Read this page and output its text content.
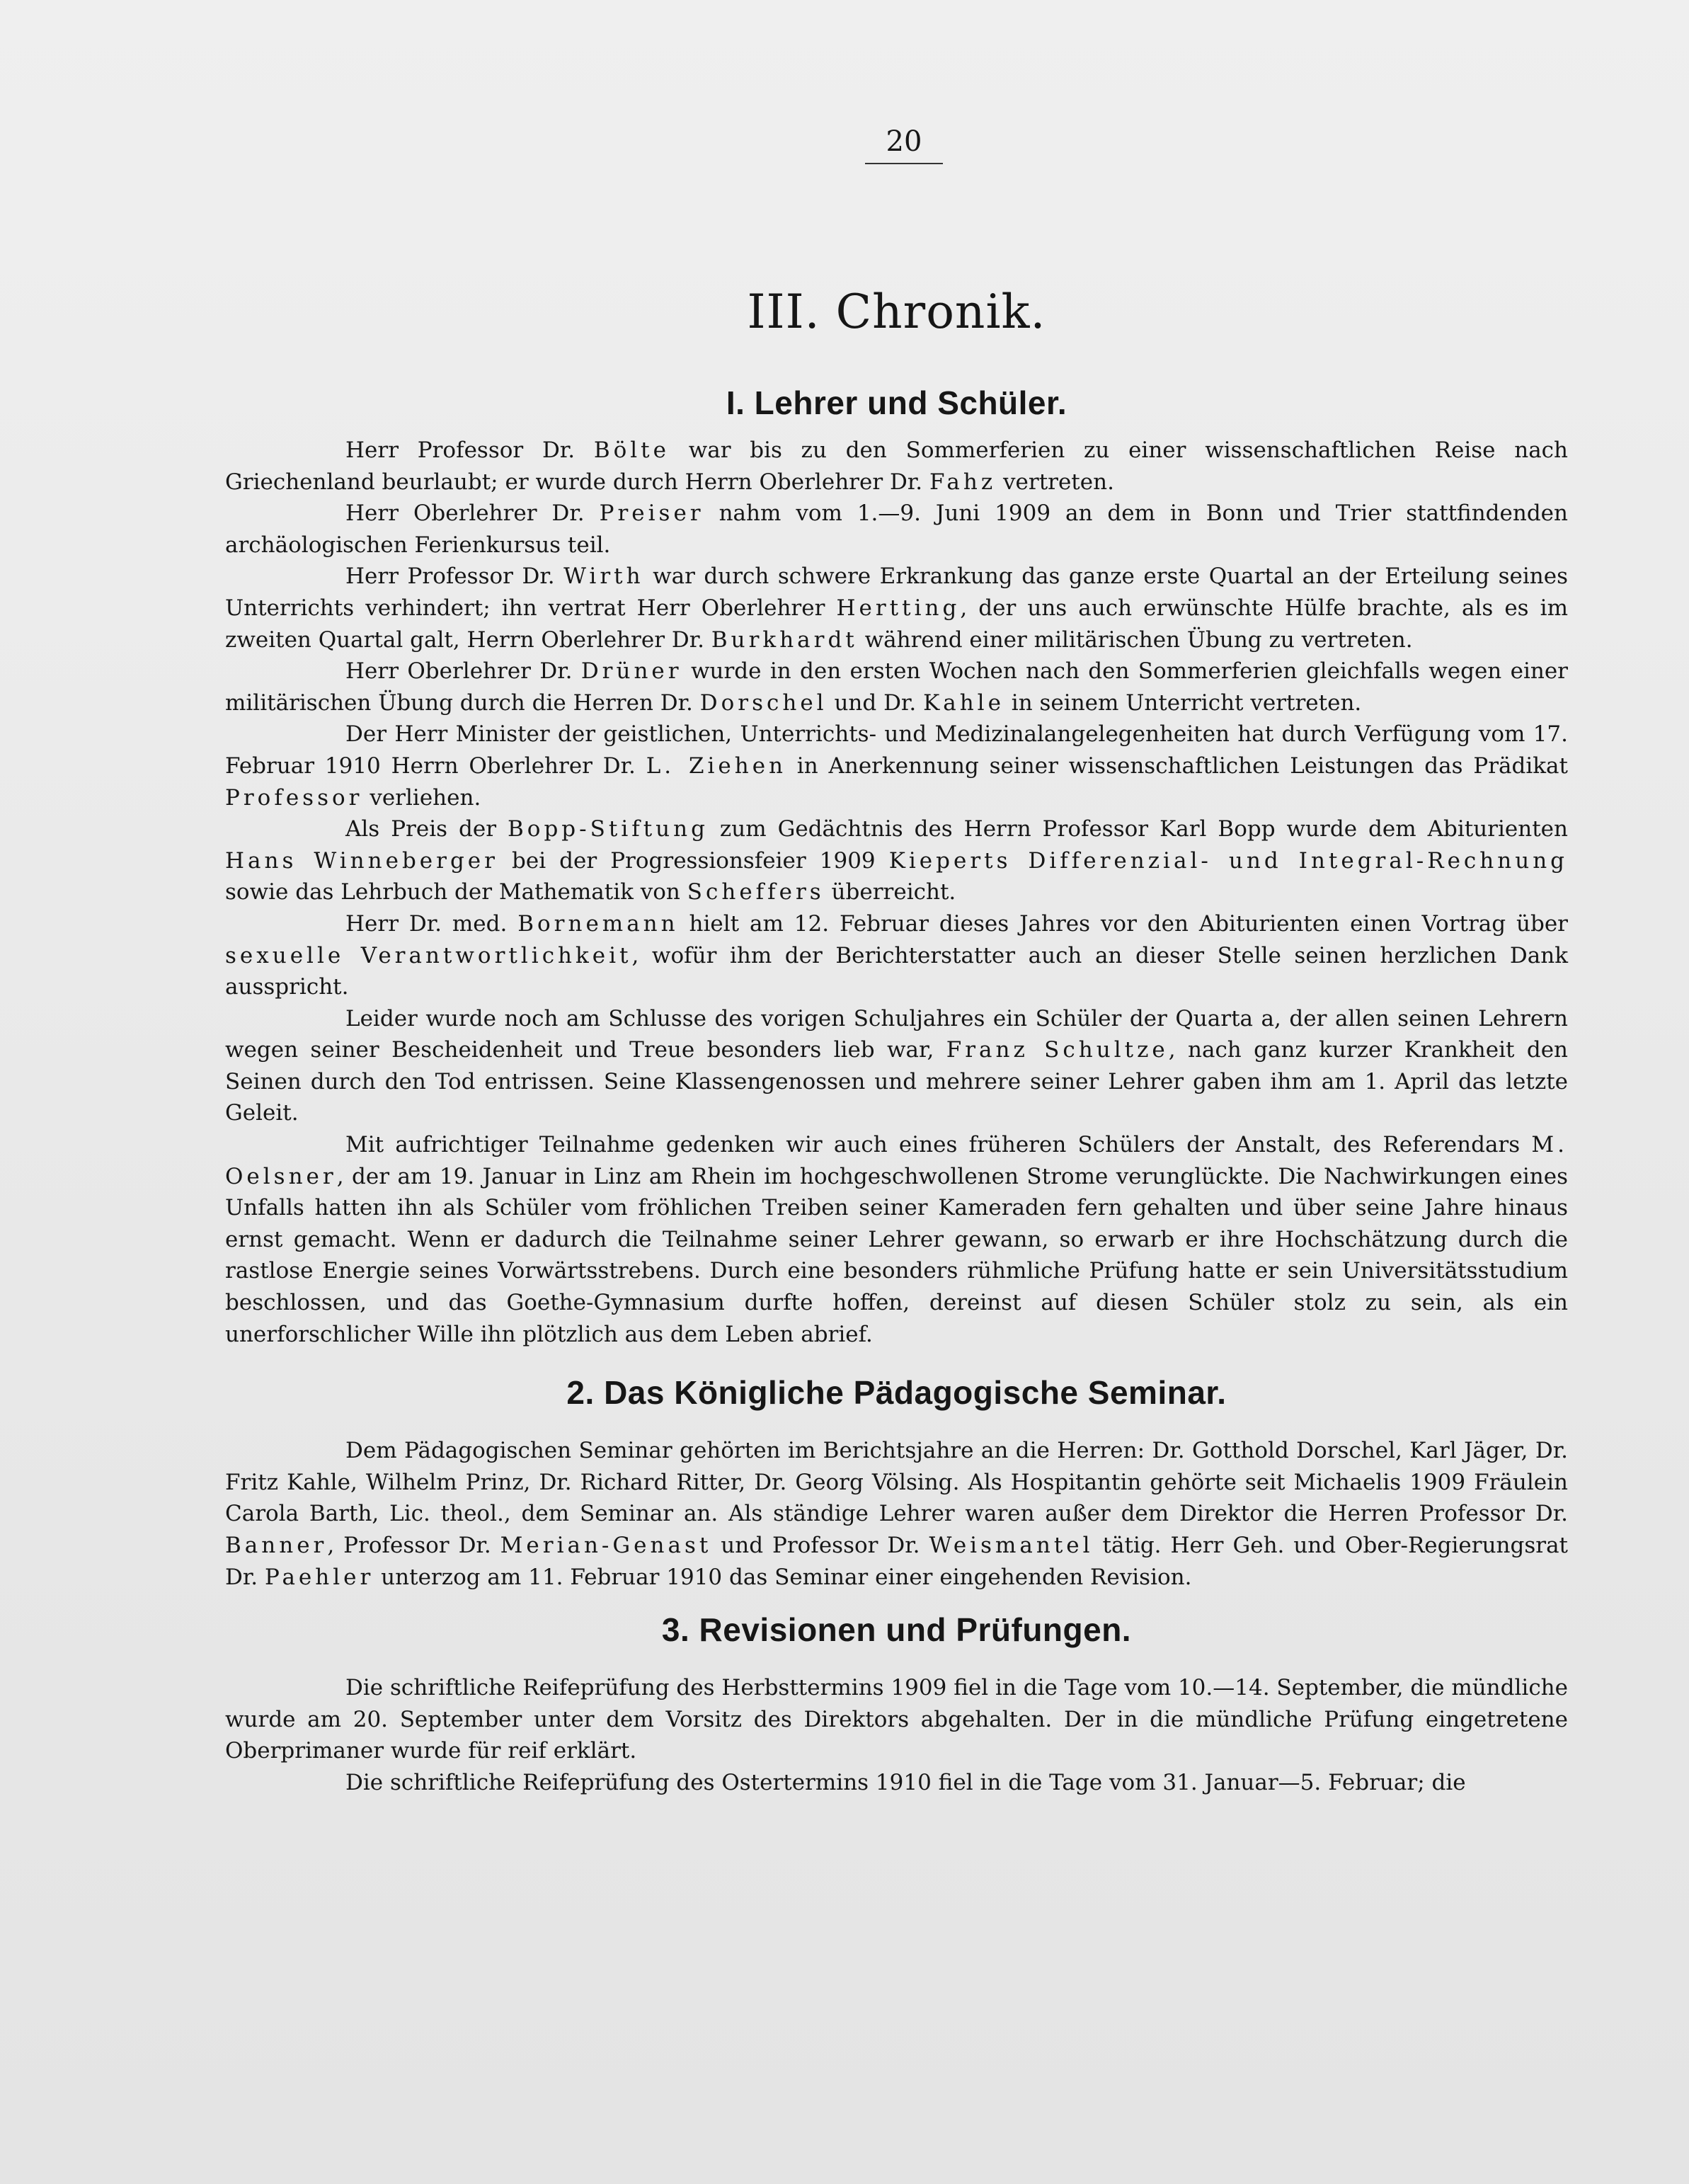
20
III. Chronik.
I. Lehrer und Schüler.

Herr Professor Dr. Bölte war bis zu den Sommerferien zu einer wissenschaftlichen Reise nach Griechenland beurlaubt; er wurde durch Herrn Oberlehrer Dr. Fahz vertreten.

Herr Oberlehrer Dr. Preiser nahm vom 1.—9. Juni 1909 an dem in Bonn und Trier stattfindenden archäologischen Ferienkursus teil.

Herr Professor Dr. Wirth war durch schwere Erkrankung das ganze erste Quartal an der Erteilung seines Unterrichts verhindert; ihn vertrat Herr Oberlehrer Hertting, der uns auch erwünschte Hülfe brachte, als es im zweiten Quartal galt, Herrn Oberlehrer Dr. Burkhardt während einer militärischen Übung zu vertreten.

Herr Oberlehrer Dr. Drüner wurde in den ersten Wochen nach den Sommerferien gleichfalls wegen einer militärischen Übung durch die Herren Dr. Dorschel und Dr. Kahle in seinem Unterricht vertreten.

Der Herr Minister der geistlichen, Unterrichts- und Medizinalangelegenheiten hat durch Verfügung vom 17. Februar 1910 Herrn Oberlehrer Dr. L. Ziehen in Anerkennung seiner wissenschaftlichen Leistungen das Prädikat Professor verliehen.

Als Preis der Bopp-Stiftung zum Gedächtnis des Herrn Professor Karl Bopp wurde dem Abiturienten Hans Winneberger bei der Progressionsfeier 1909 Kieperts Differenzial- und Integral-Rechnung sowie das Lehrbuch der Mathematik von Scheffers überreicht.

Herr Dr. med. Bornemann hielt am 12. Februar dieses Jahres vor den Abiturienten einen Vortrag über sexuelle Verantwortlichkeit, wofür ihm der Berichterstatter auch an dieser Stelle seinen herzlichen Dank ausspricht.

Leider wurde noch am Schlusse des vorigen Schuljahres ein Schüler der Quarta a, der allen seinen Lehrern wegen seiner Bescheidenheit und Treue besonders lieb war, Franz Schultze, nach ganz kurzer Krankheit den Seinen durch den Tod entrissen. Seine Klassengenossen und mehrere seiner Lehrer gaben ihm am 1. April das letzte Geleit.

Mit aufrichtiger Teilnahme gedenken wir auch eines früheren Schülers der Anstalt, des Referendars M. Oelsner, der am 19. Januar in Linz am Rhein im hochgeschwollenen Strome verunglückte. Die Nachwirkungen eines Unfalls hatten ihn als Schüler vom fröhlichen Treiben seiner Kameraden fern gehalten und über seine Jahre hinaus ernst gemacht. Wenn er dadurch die Teilnahme seiner Lehrer gewann, so erwarb er ihre Hochschätzung durch die rastlose Energie seines Vorwärtsstrebens. Durch eine besonders rühmliche Prüfung hatte er sein Universitätsstudium beschlossen, und das Goethe-Gymnasium durfte hoffen, dereinst auf diesen Schüler stolz zu sein, als ein unerforschlicher Wille ihn plötzlich aus dem Leben abrief.

2. Das Königliche Pädagogische Seminar.

Dem Pädagogischen Seminar gehörten im Berichtsjahre an die Herren: Dr. Gotthold Dorschel, Karl Jäger, Dr. Fritz Kahle, Wilhelm Prinz, Dr. Richard Ritter, Dr. Georg Völsing. Als Hospitantin gehörte seit Michaelis 1909 Fräulein Carola Barth, Lic. theol., dem Seminar an. Als ständige Lehrer waren außer dem Direktor die Herren Professor Dr. Banner, Professor Dr. Merian-Genast und Professor Dr. Weismantel tätig. Herr Geh. und Ober-Regierungsrat Dr. Paehler unterzog am 11. Februar 1910 das Seminar einer eingehenden Revision.

3. Revisionen und Prüfungen.

Die schriftliche Reifeprüfung des Herbsttermins 1909 fiel in die Tage vom 10.—14. September, die mündliche wurde am 20. September unter dem Vorsitz des Direktors abgehalten. Der in die mündliche Prüfung eingetretene Oberprimaner wurde für reif erklärt.

Die schriftliche Reifeprüfung des Ostertermins 1910 fiel in die Tage vom 31. Januar—5. Februar; die
